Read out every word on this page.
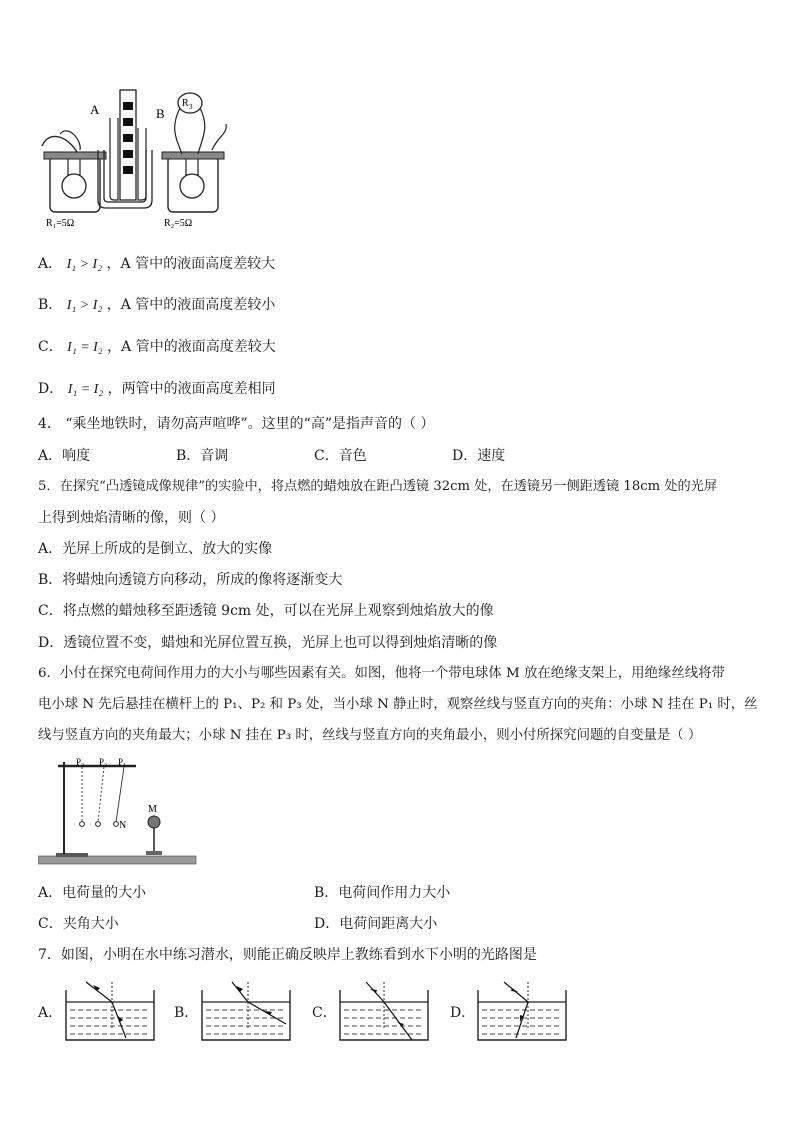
A	B
R 3
R₁=5Ω	R₂=5Ω
A． I₁ > I₂ ，A 管中的液面高度差较大
B． I₁ > I₂ ，A 管中的液面高度差较小
C． I₁ = I₂ ，A 管中的液面高度差较大
D． I₁ = I₂ ，两管中的液面高度差相同
4． “乘坐地铁时，请勿高声喧哗”。这里的“高”是指声音的（ ）
A．响度	B．音调	C．音色	D．速度
5．在探究“凸透镜成像规律”的实验中，将点燃的蜡烛放在距凸透镜 32cm 处，在透镜另一侧距透镜 18cm 处的光屏
上得到烛焰清晰的像，则（ ）
A．光屏上所成的是倒立、放大的实像
B．将蜡烛向透镜方向移动，所成的像将逐渐变大
C．将点燃的蜡烛移至距透镜 9cm 处，可以在光屏上观察到烛焰放大的像
D．透镜位置不变，蜡烛和光屏位置互换，光屏上也可以得到烛焰清晰的像
6．小付在探究电荷间作用力的大小与哪些因素有关。如图，他将一个带电球体 M 放在绝缘支架上，用绝缘丝线将带
电小球 N 先后悬挂在横杆上的 P₁、P₂ 和 P₃ 处，当小球 N 静止时，观察丝线与竖直方向的夹角：小球 N 挂在 P₁ 时，丝
线与竖直方向的夹角最大；小球 N 挂在 P₃ 时，丝线与竖直方向的夹角最小，则小付所探究问题的自变量是（ ）
P₃ P₂ P₁
N
M
A．电荷量的大小	B．电荷间作用力大小
C．夹角大小	D．电荷间距离大小
7．如图，小明在水中练习潜水，则能正确反映岸上教练看到水下小明的光路图是
A．	B．	C．	D．
